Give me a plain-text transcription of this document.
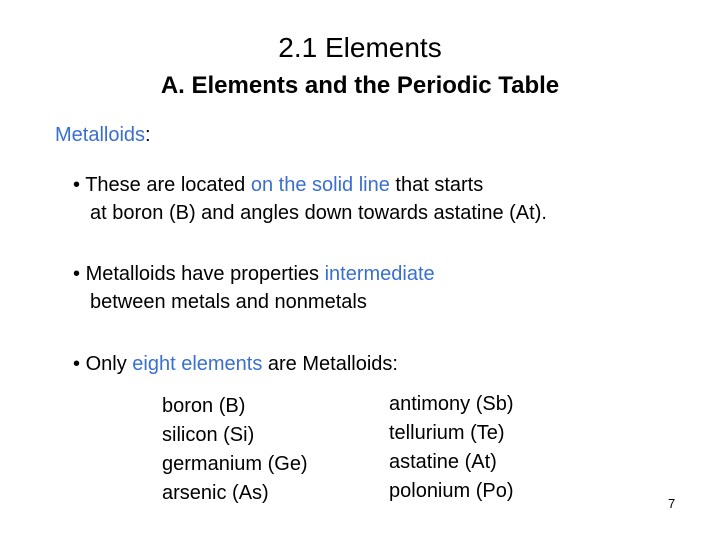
2.1 Elements
A. Elements and the Periodic Table
Metalloids:
• These are located on the solid line that starts
at boron (B) and angles down towards astatine (At).
• Metalloids have properties intermediate
between metals and nonmetals
• Only eight elements are Metalloids:
boron (B)
silicon (Si)
germanium (Ge)
arsenic (As)
antimony (Sb)
tellurium (Te)
astatine (At)
polonium (Po)
7
